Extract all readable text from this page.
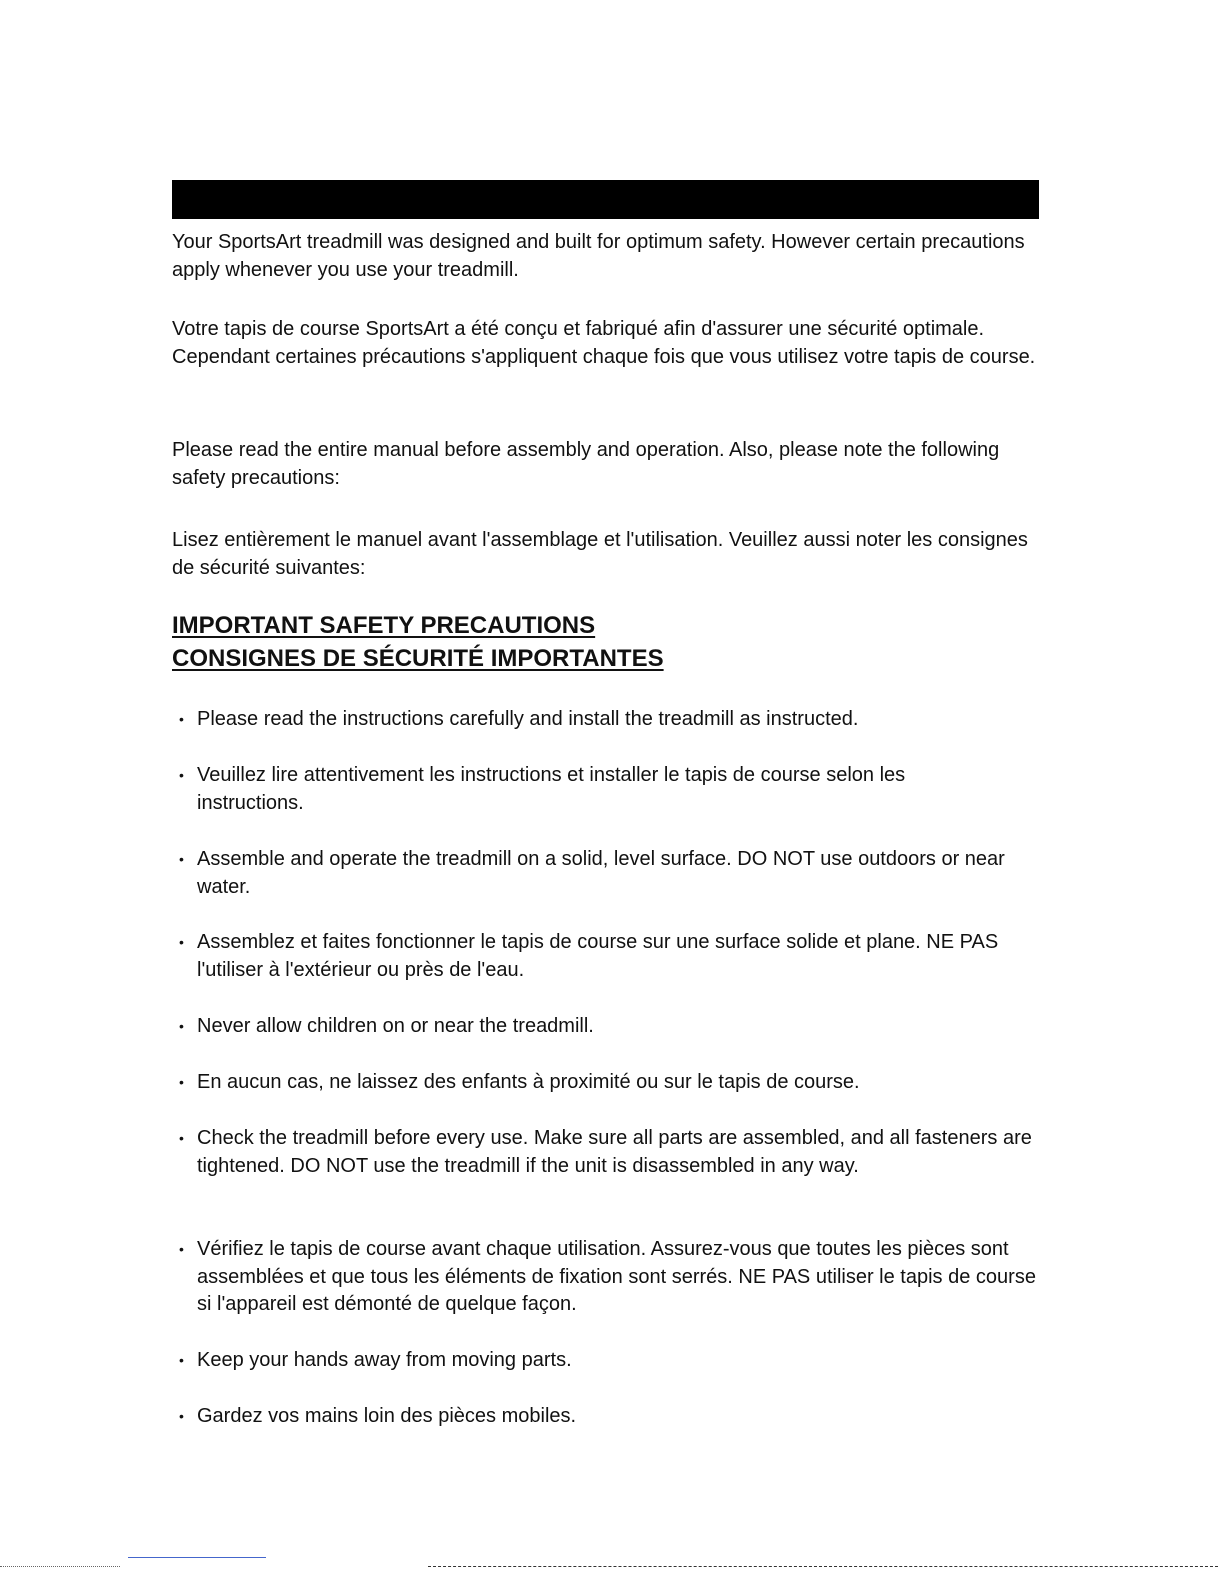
Your SportsArt treadmill was designed and built for optimum safety. However certain precautions apply whenever you use your treadmill.

Votre tapis de course SportsArt a été conçu et fabriqué afin d'assurer une sécurité optimale. Cependant certaines précautions s'appliquent chaque fois que vous utilisez votre tapis de course.

Please read the entire manual before assembly and operation. Also, please note the following safety precautions:

Lisez entièrement le manuel avant l'assemblage et l'utilisation. Veuillez aussi noter les consignes de sécurité suivantes:

IMPORTANT SAFETY PRECAUTIONS
CONSIGNES DE SÉCURITÉ IMPORTANTES
• Please read the instructions carefully and install the treadmill as instructed.
• Veuillez lire attentivement les instructions et installer le tapis de course selon les instructions.
• Assemble and operate the treadmill on a solid, level surface. DO NOT use outdoors or near water.
• Assemblez et faites fonctionner le tapis de course sur une surface solide et plane. NE PAS l'utiliser à l'extérieur ou près de l'eau.
• Never allow children on or near the treadmill.
• En aucun cas, ne laissez des enfants à proximité ou sur le tapis de course.
• Check the treadmill before every use. Make sure all parts are assembled, and all fasteners are tightened. DO NOT use the treadmill if the unit is disassembled in any way.
• Vérifiez le tapis de course avant chaque utilisation. Assurez-vous que toutes les pièces sont assemblées et que tous les éléments de fixation sont serrés. NE PAS utiliser le tapis de course si l'appareil est démonté de quelque façon.
• Keep your hands away from moving parts.
• Gardez vos mains loin des pièces mobiles.
